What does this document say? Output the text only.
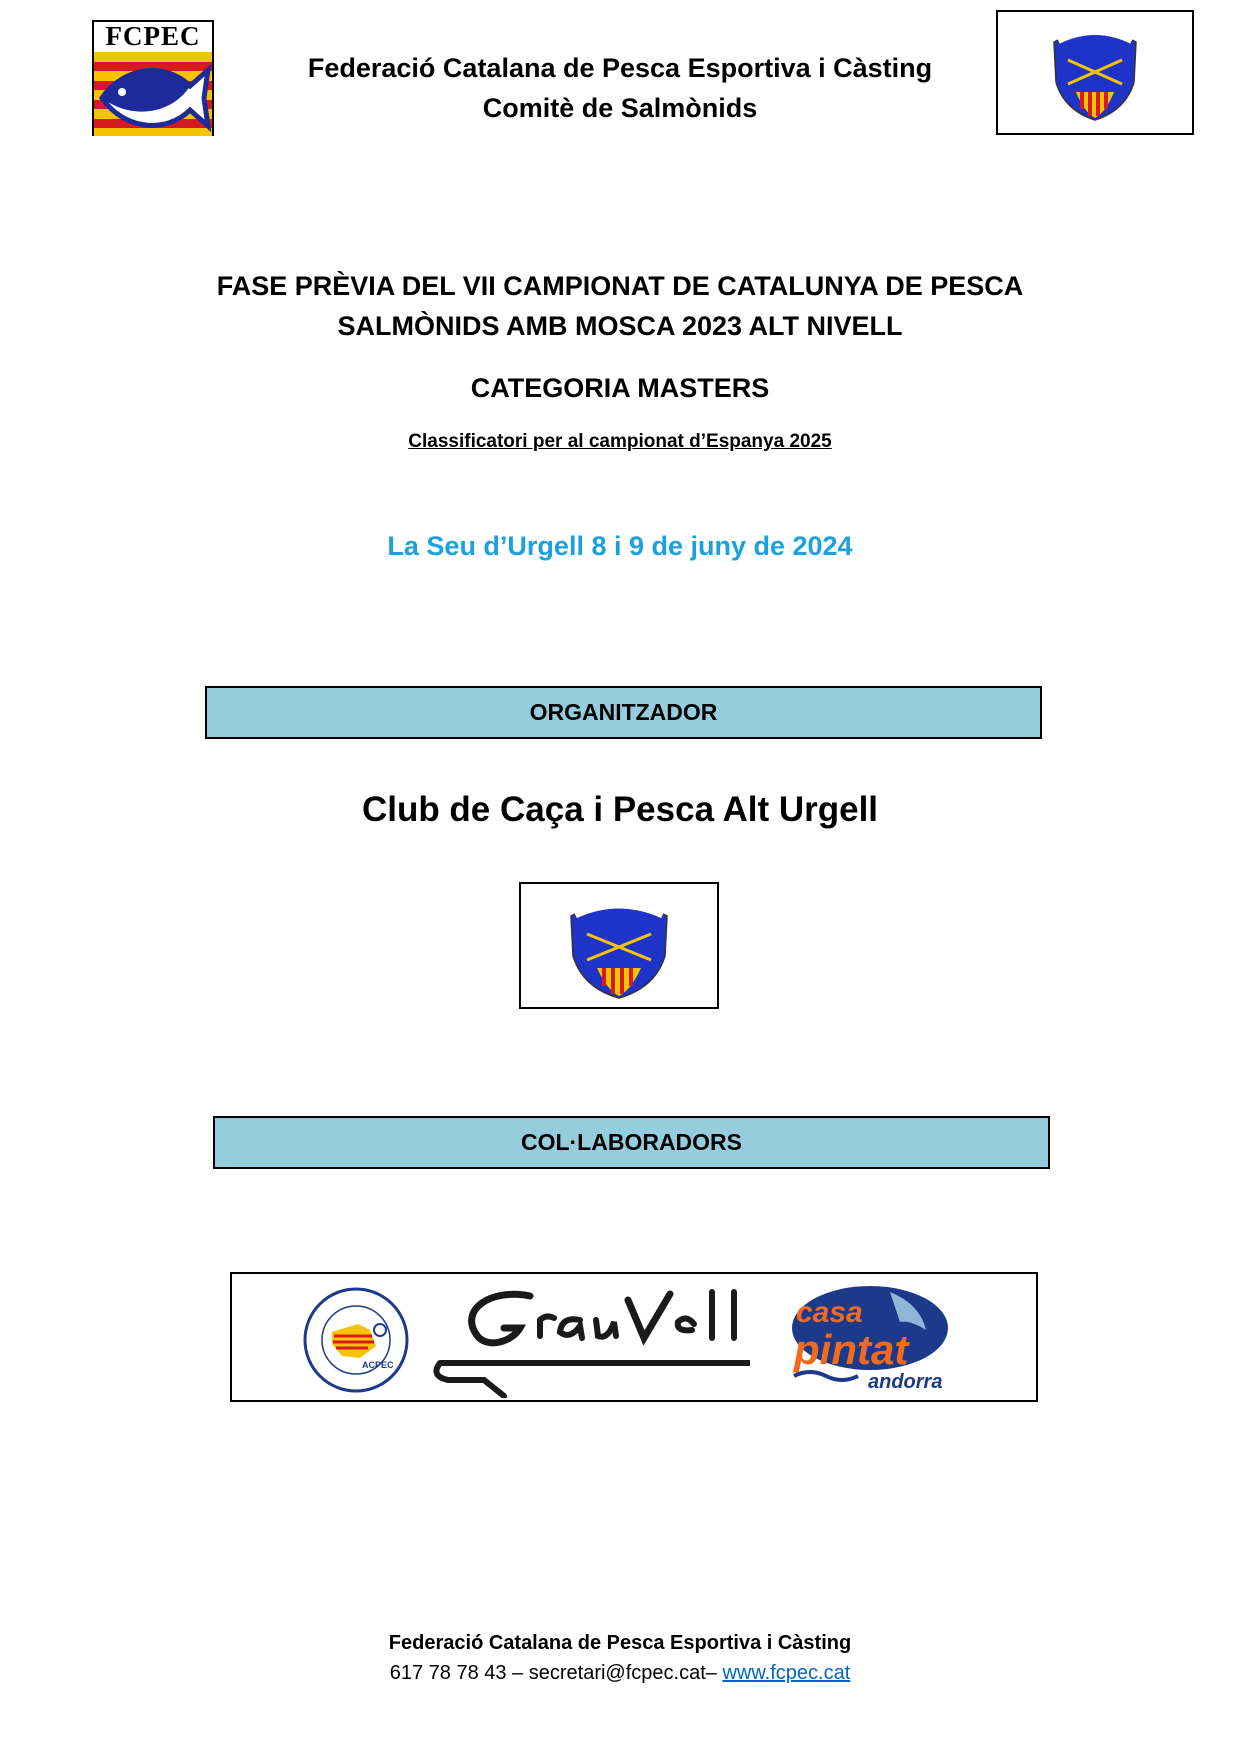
FCPEC
Federació Catalana de Pesca Esportiva i Càsting
Comitè de Salmònids
FASE PRÈVIA DEL VII CAMPIONAT DE CATALUNYA DE PESCA
SALMÒNIDS AMB MOSCA 2023 ALT NIVELL
CATEGORIA MASTERS
Classificatori per al campionat d’Espanya 2025
La Seu d’Urgell 8 i 9 de juny de 2024
ORGANITZADOR
Club de Caça i Pesca Alt Urgell
COL·LABORADORS
ACPEC
casa
pintat
andorra
Federació Catalana de Pesca Esportiva i Càsting
617 78 78 43 – secretari@fcpec.cat– www.fcpec.cat
